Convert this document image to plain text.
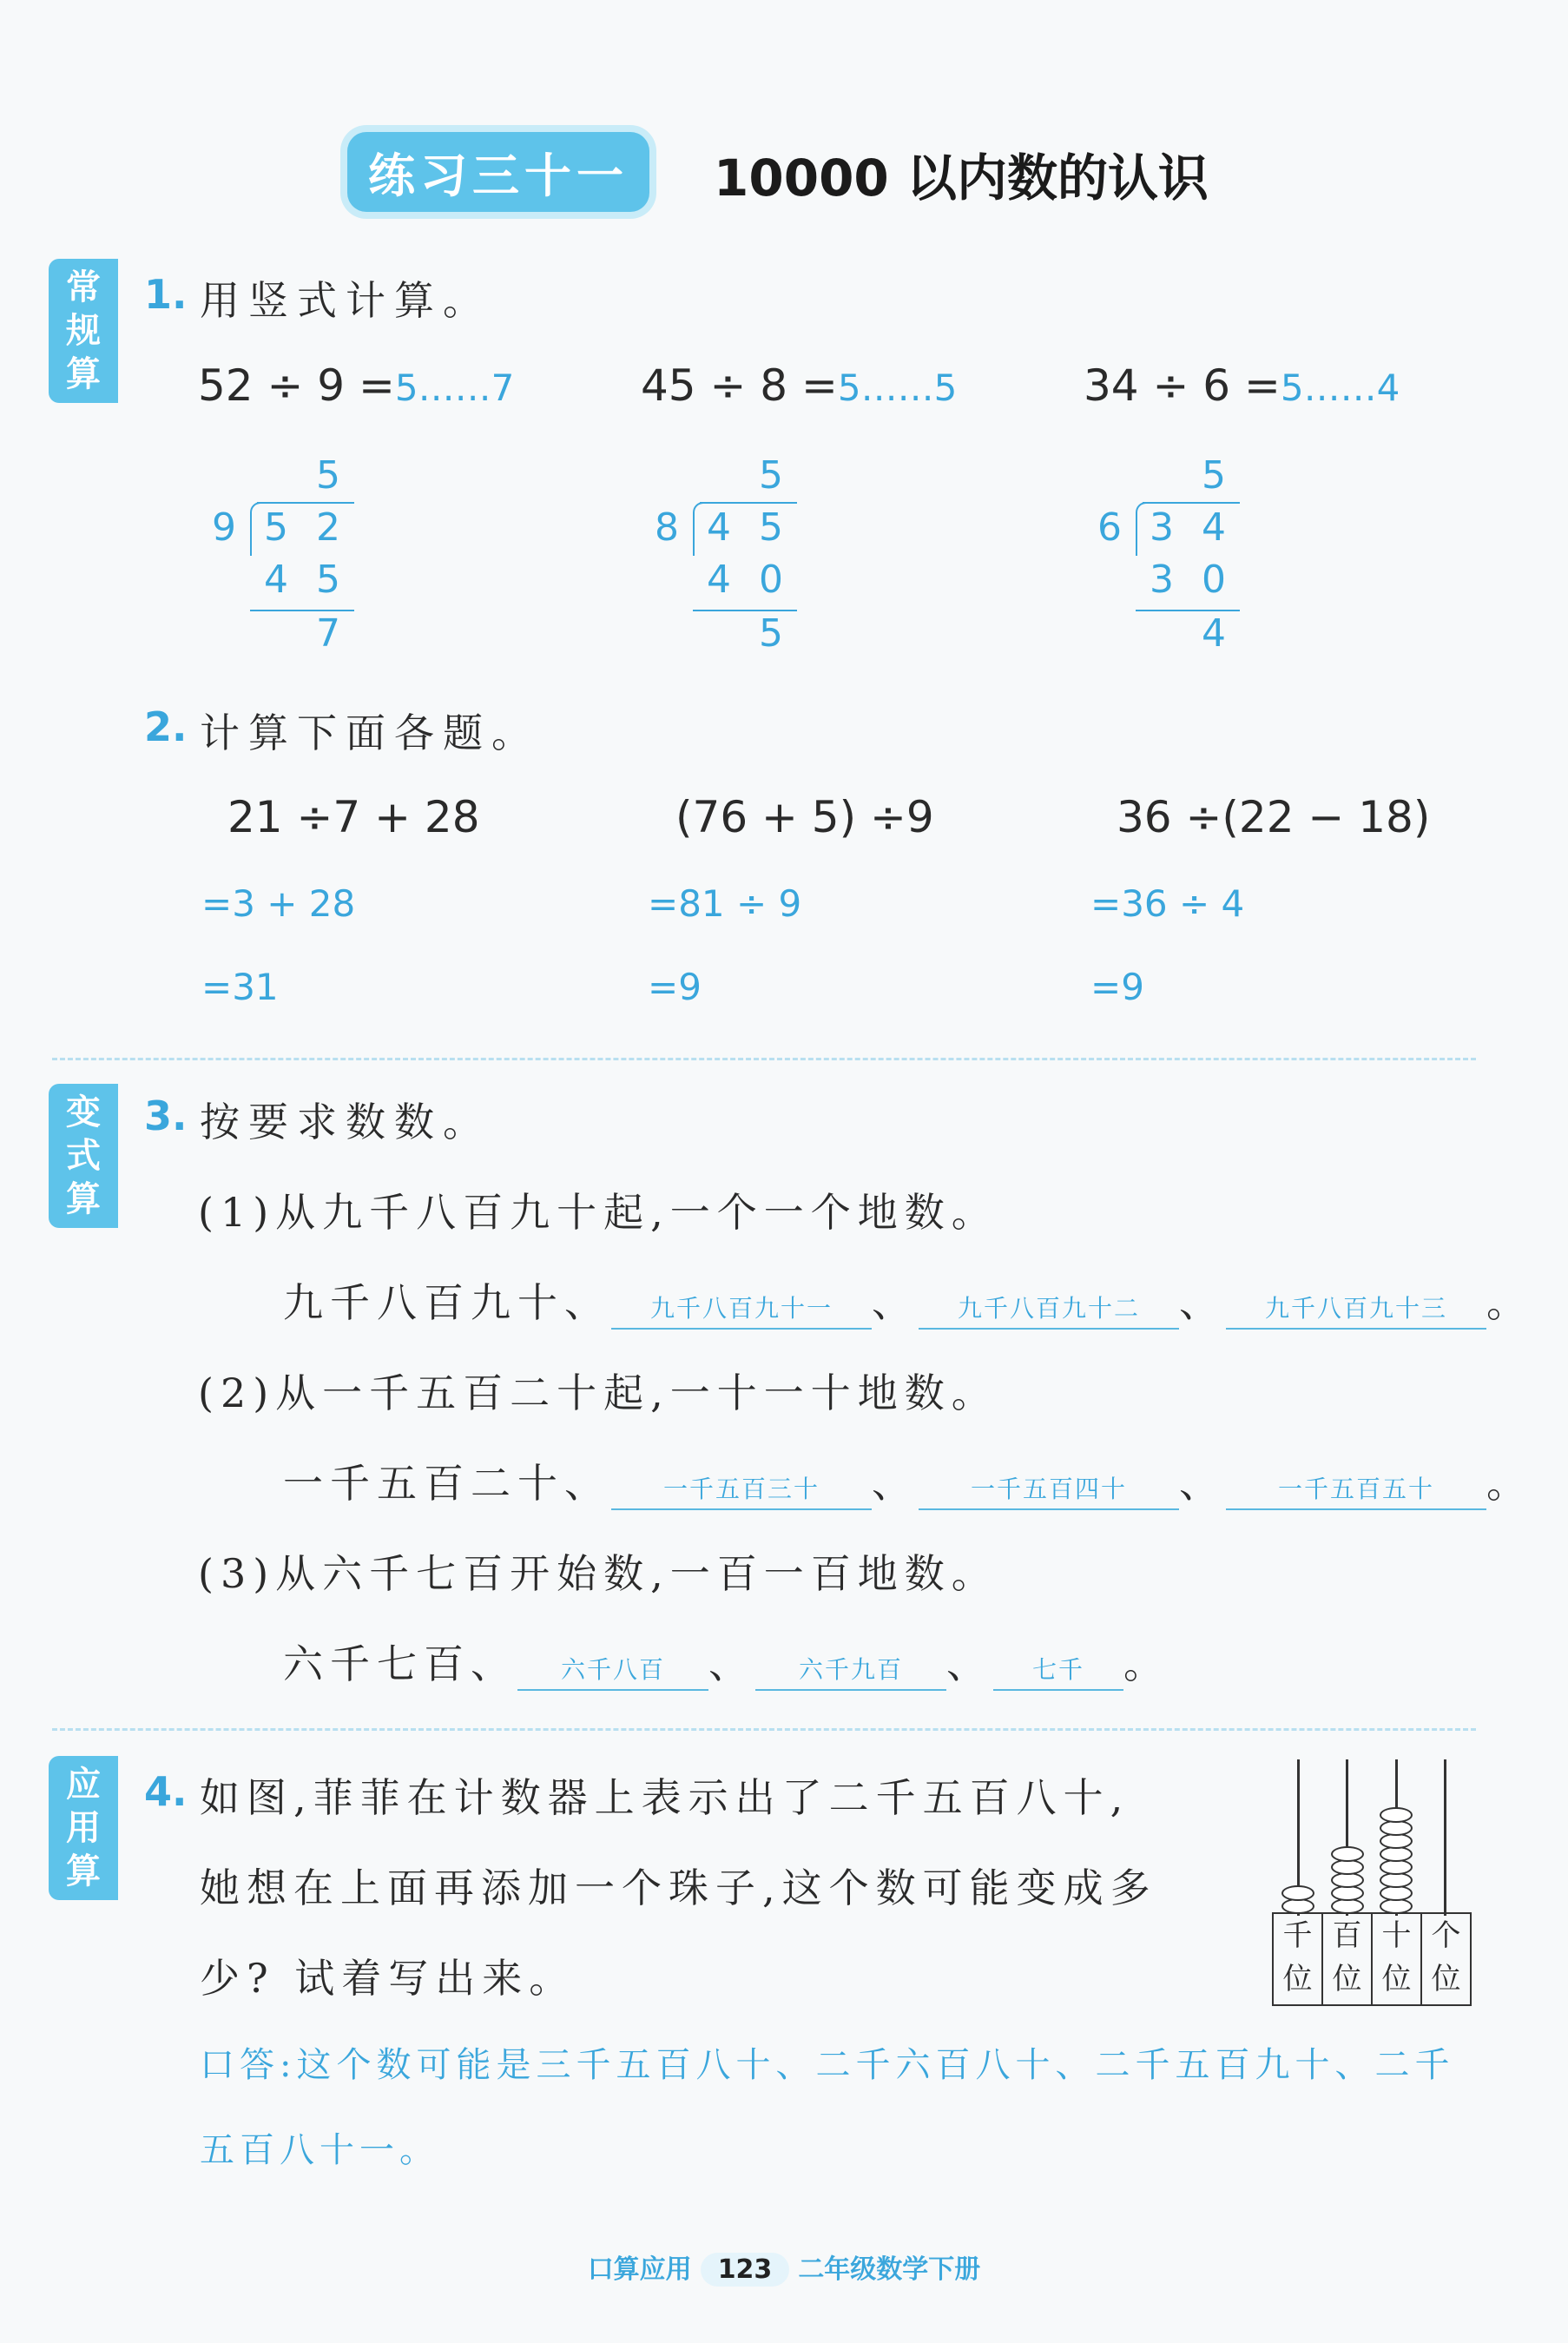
练习三十一	10000 以内数的认识
常
规
算
变
式
算
应
用
算
1. 用竖式计算。
52 ÷ 9 =5……7	45 ÷ 8 =5……5	34 ÷ 6 =5……4
5
9 5 2
4 5
7
5
8 4 5
4 0
5
5
6 3 4
3 0
4
2. 计算下面各题。
21 ÷7 + 28	(76 + 5) ÷9	36 ÷(22 − 18)
=3 + 28	=81 ÷ 9	=36 ÷ 4
=31	=9	=9
3. 按要求数数。
(1)从九千八百九十起,一个一个地数。
九千八百九十、 九千八百九十一 、 九千八百九十二 、 九千八百九十三 。
(2)从一千五百二十起,一十一十地数。
一千五百二十、 一千五百三十 、 一千五百四十 、 一千五百五十 。
(3)从六千七百开始数,一百一百地数。
六千七百、 六千八百 、 六千九百 、 七千 。
4. 如图,菲菲在计数器上表示出了二千五百八十,
她想在上面再添加一个珠子,这个数可能变成多
少? 试着写出来。
口答:这个数可能是三千五百八十、二千六百八十、二千五百九十、二千
五百八十一。
千
位
百
位
十
位
个
位
口算应用 123 二年级数学下册
